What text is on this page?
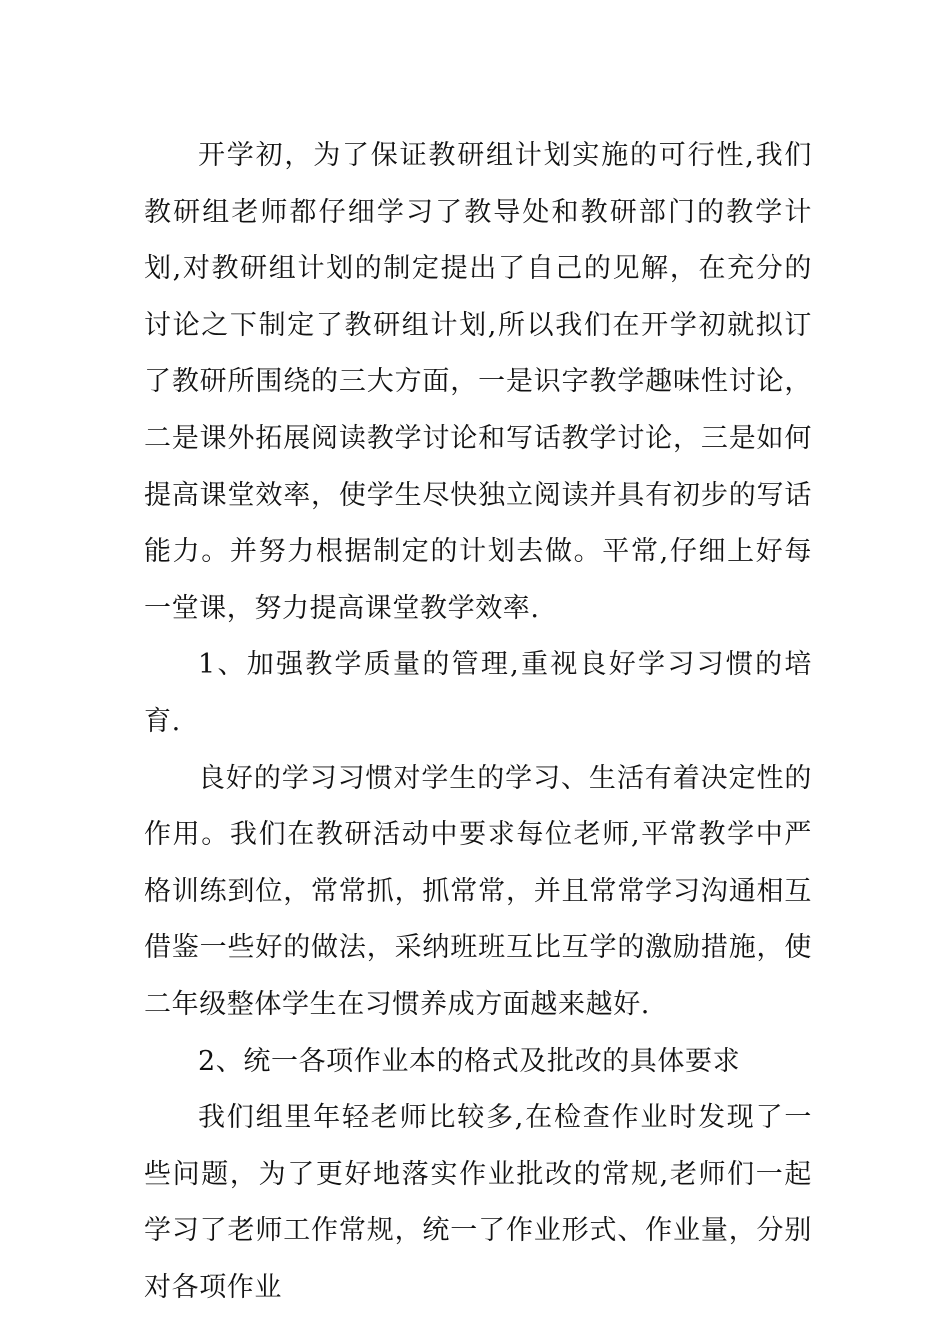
开学初，为了保证教研组计划实施的可行性,我们教研组老师都仔细学习了教导处和教研部门的教学计划,对教研组计划的制定提出了自己的见解，在充分的讨论之下制定了教研组计划,所以我们在开学初就拟订了教研所围绕的三大方面，一是识字教学趣味性讨论，二是课外拓展阅读教学讨论和写话教学讨论，三是如何提高课堂效率，使学生尽快独立阅读并具有初步的写话能力。并努力根据制定的计划去做。平常,仔细上好每一堂课，努力提高课堂教学效率.

1、加强教学质量的管理,重视良好学习习惯的培育.

良好的学习习惯对学生的学习、生活有着决定性的作用。我们在教研活动中要求每位老师,平常教学中严格训练到位，常常抓，抓常常，并且常常学习沟通相互借鉴一些好的做法，采纳班班互比互学的激励措施，使二年级整体学生在习惯养成方面越来越好.

2、统一各项作业本的格式及批改的具体要求

我们组里年轻老师比较多,在检查作业时发现了一些问题，为了更好地落实作业批改的常规,老师们一起学习了老师工作常规，统一了作业形式、作业量，分别对各项作业
